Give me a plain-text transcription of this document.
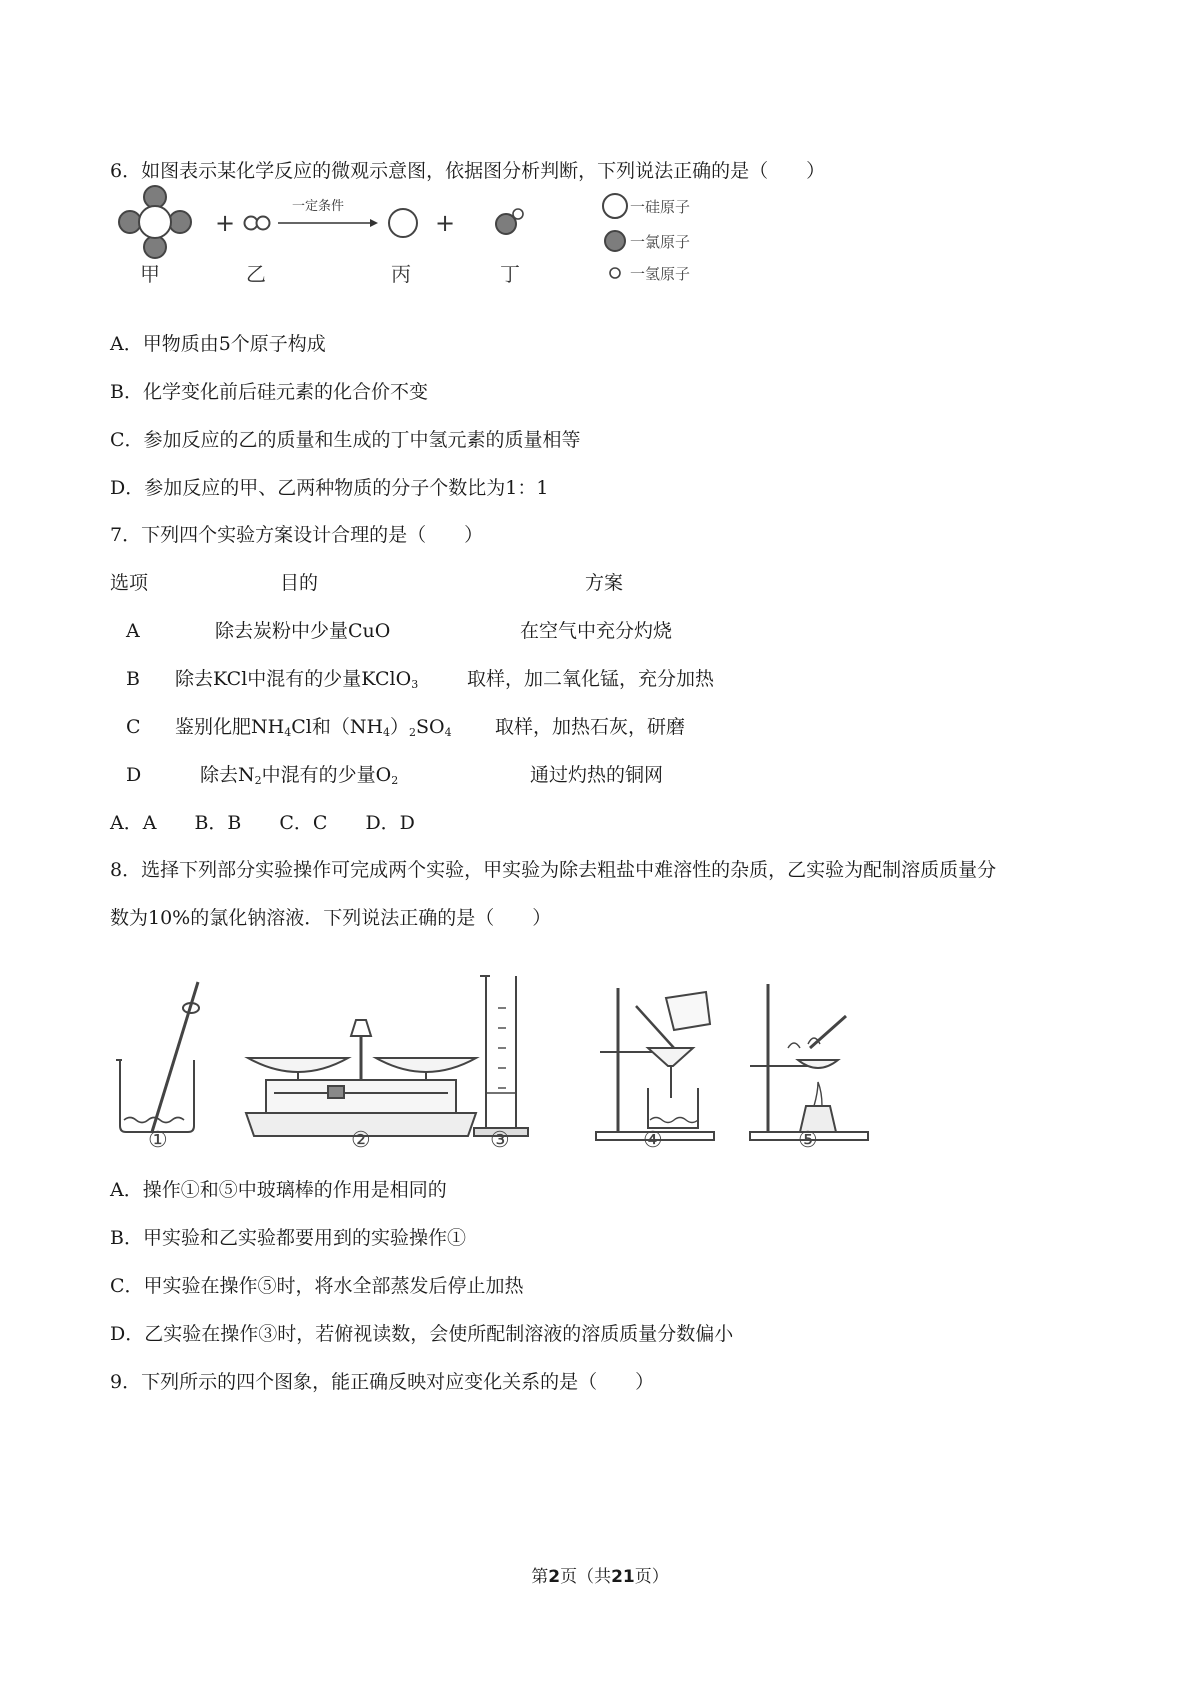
6．如图表示某化学反应的微观示意图，依据图分析判断，下列说法正确的是（　　）
+
一定条件
+
甲	乙	丙	丁
一硅原子
一氯原子
一氢原子
A．甲物质由5个原子构成
B．化学变化前后硅元素的化合价不变
C．参加反应的乙的质量和生成的丁中氢元素的质量相等
D．参加反应的甲、乙两种物质的分子个数比为1：1
7．下列四个实验方案设计合理的是（　　）
选项	目的	方案
A	除去炭粉中少量CuO	在空气中充分灼烧
B 除去KCl中混有的少量KClO$_3$	取样，加二氧化锰，充分加热
C 鉴别化肥$NH_4Cl$和$(NH_4)_2SO_4$ 取样，加热石灰，研磨
D	除去$N_2$中混有的少量$O_2$	通过灼热的铜网
A．A　　B．B　　C．C　　D．D
8．选择下列部分实验操作可完成两个实验，甲实验为除去粗盐中难溶性的杂质，乙实验为配制溶质质量分
数为10%的氯化钠溶液．下列说法正确的是（　　）
①	②	③	④	⑤
A．操作①和⑤中玻璃棒的作用是相同的
B．甲实验和乙实验都要用到的实验操作①
C．甲实验在操作⑤时，将水全部蒸发后停止加热
D．乙实验在操作③时，若俯视读数，会使所配制溶液的溶质质量分数偏小
9．下列所示的四个图象，能正确反映对应变化关系的是（　　）
第2页（共21页）
